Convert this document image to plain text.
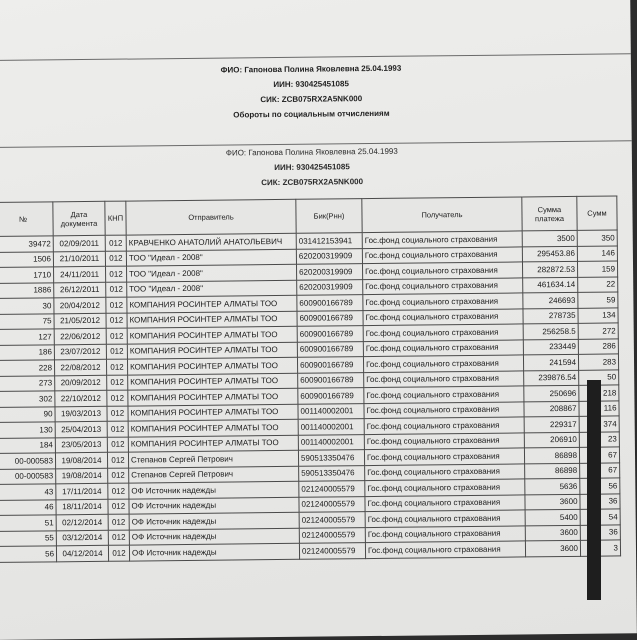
ФИО: Гапонова Полина Яковлевна 25.04.1993
ИИН: 930425451085
СИК: ZCB075RX2A5NK000
Обороты по социальным отчислениям
ФИО: Гапонова Полина Яковлевна 25.04.1993
ИИН: 930425451085
СИК: ZCB075RX2A5NK000
№	Дата документа	КНП	Отправитель	Бик(Рнн)	Получатель	Сумма платежа	Сумм
39472	02/09/2011	012	КРАВЧЕНКО АНАТОЛИЙ АНАТОЛЬЕВИЧ	031412153941	Гос.фонд социального страхования	3500	350
1506	21/10/2011	012	ТОО "Идеал - 2008"	620200319909	Гос.фонд социального страхования	295453.86	146
1710	24/11/2011	012	ТОО "Идеал - 2008"	620200319909	Гос.фонд социального страхования	282872.53	159
1886	26/12/2011	012	ТОО "Идеал - 2008"	620200319909	Гос.фонд социального страхования	461634.14	22
30	20/04/2012	012	КОМПАНИЯ РОСИНТЕР АЛМАТЫ ТОО	600900166789	Гос.фонд социального страхования	246693	59
75	21/05/2012	012	КОМПАНИЯ РОСИНТЕР АЛМАТЫ ТОО	600900166789	Гос.фонд социального страхования	278735	134
127	22/06/2012	012	КОМПАНИЯ РОСИНТЕР АЛМАТЫ ТОО	600900166789	Гос.фонд социального страхования	256258.5	272
186	23/07/2012	012	КОМПАНИЯ РОСИНТЕР АЛМАТЫ ТОО	600900166789	Гос.фонд социального страхования	233449	286
228	22/08/2012	012	КОМПАНИЯ РОСИНТЕР АЛМАТЫ ТОО	600900166789	Гос.фонд социального страхования	241594	283
273	20/09/2012	012	КОМПАНИЯ РОСИНТЕР АЛМАТЫ ТОО	600900166789	Гос.фонд социального страхования	239876.54	50
302	22/10/2012	012	КОМПАНИЯ РОСИНТЕР АЛМАТЫ ТОО	600900166789	Гос.фонд социального страхования	250696	218
90	19/03/2013	012	КОМПАНИЯ РОСИНТЕР АЛМАТЫ ТОО	001140002001	Гос.фонд социального страхования	208867	116
130	25/04/2013	012	КОМПАНИЯ РОСИНТЕР АЛМАТЫ ТОО	001140002001	Гос.фонд социального страхования	229317	374
184	23/05/2013	012	КОМПАНИЯ РОСИНТЕР АЛМАТЫ ТОО	001140002001	Гос.фонд социального страхования	206910	23
00-000583	19/08/2014	012	Степанов Сергей Петрович	590513350476	Гос.фонд социального страхования	86898	67
00-000583	19/08/2014	012	Степанов Сергей Петрович	590513350476	Гос.фонд социального страхования	86898	67
43	17/11/2014	012	ОФ Источник надежды	021240005579	Гос.фонд социального страхования	5636	56
46	18/11/2014	012	ОФ Источник надежды	021240005579	Гос.фонд социального страхования	3600	36
51	02/12/2014	012	ОФ Источник надежды	021240005579	Гос.фонд социального страхования	5400	54
55	03/12/2014	012	ОФ Источник надежды	021240005579	Гос.фонд социального страхования	3600	36
56	04/12/2014	012	ОФ Источник надежды	021240005579	Гос.фонд социального страхования	3600	3
